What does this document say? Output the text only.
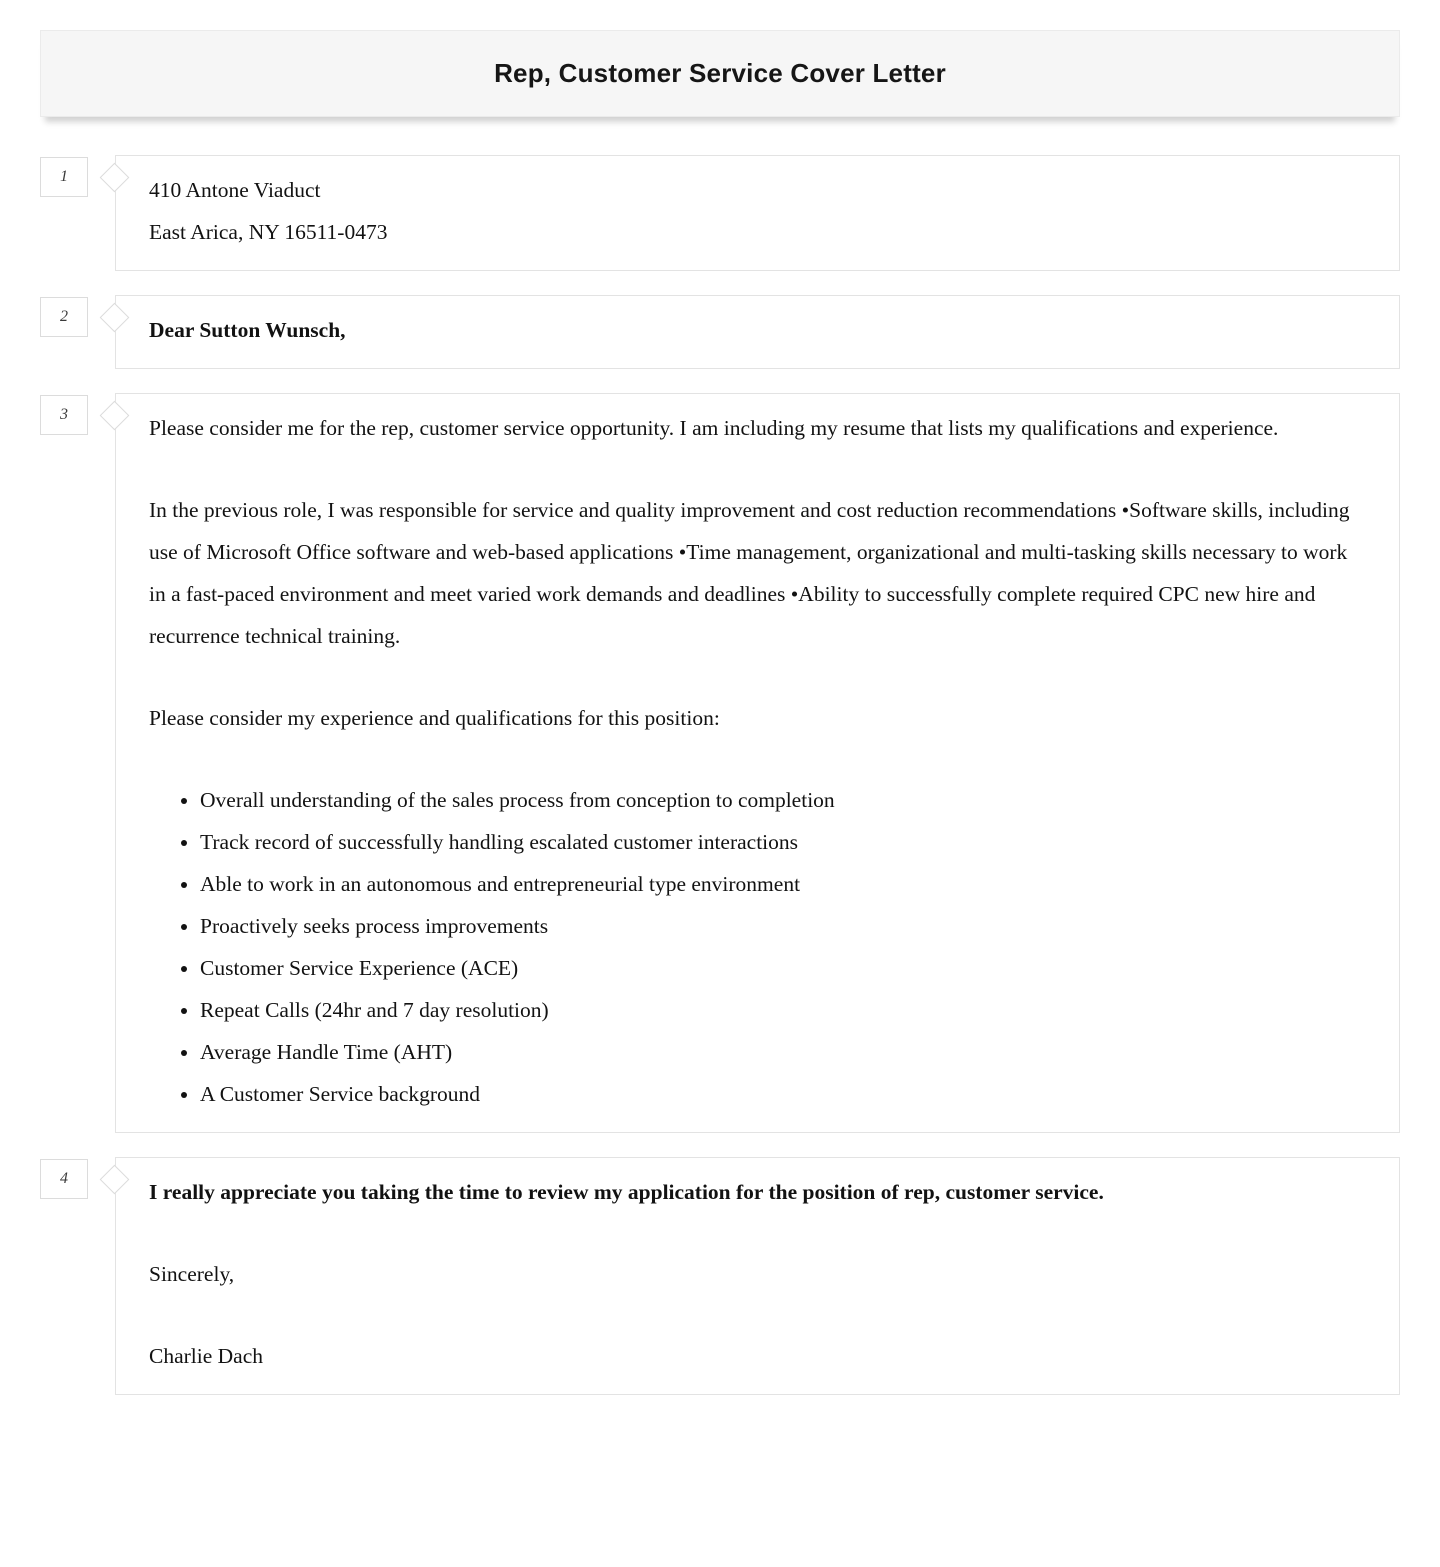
Rep, Customer Service Cover Letter
1

410 Antone Viaduct

East Arica, NY 16511-0473

2

Dear Sutton Wunsch,

3

Please consider me for the rep, customer service opportunity. I am including my resume that lists my qualifications and experience.

In the previous role, I was responsible for service and quality improvement and cost reduction recommendations •Software skills, including use of Microsoft Office software and web-based applications •Time management, organizational and multi-tasking skills necessary to work in a fast-paced environment and meet varied work demands and deadlines •Ability to successfully complete required CPC new hire and recurrence technical training.

Please consider my experience and qualifications for this position:

• Overall understanding of the sales process from conception to completion
• Track record of successfully handling escalated customer interactions
• Able to work in an autonomous and entrepreneurial type environment
• Proactively seeks process improvements
• Customer Service Experience (ACE)
• Repeat Calls (24hr and 7 day resolution)
• Average Handle Time (AHT)
• A Customer Service background
4

I really appreciate you taking the time to review my application for the position of rep, customer service.

Sincerely,

Charlie Dach
